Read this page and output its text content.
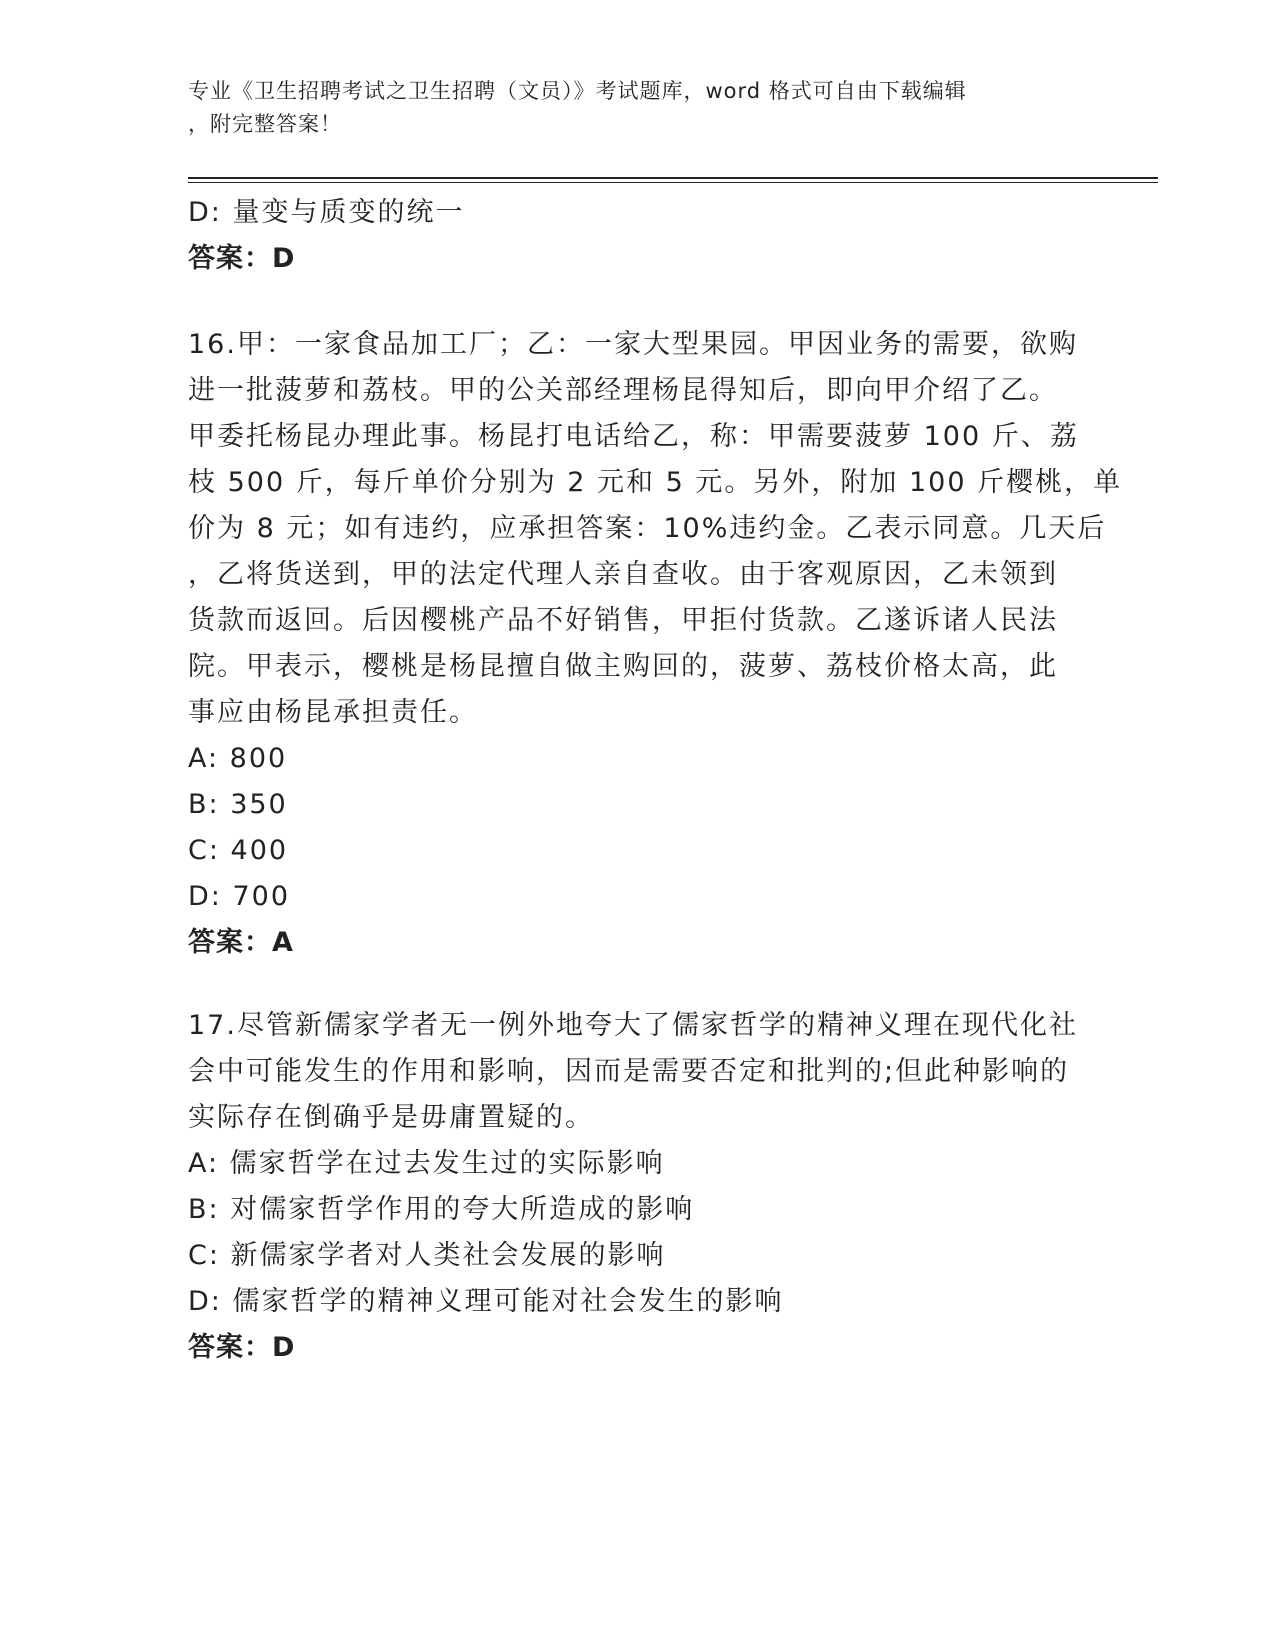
专业《卫生招聘考试之卫生招聘（文员）》考试题库，word 格式可自由下载编辑
，附完整答案！
D: 量变与质变的统一
答案：D
16.甲：一家食品加工厂；乙：一家大型果园。甲因业务的需要，欲购
进一批菠萝和荔枝。甲的公关部经理杨昆得知后，即向甲介绍了乙。
甲委托杨昆办理此事。杨昆打电话给乙，称：甲需要菠萝 100 斤、荔
枝 500 斤，每斤单价分别为 2 元和 5 元。另外，附加 100 斤樱桃，单
价为 8 元；如有违约，应承担答案：10%违约金。乙表示同意。几天后
，乙将货送到，甲的法定代理人亲自查收。由于客观原因，乙未领到
货款而返回。后因樱桃产品不好销售，甲拒付货款。乙遂诉诸人民法
院。甲表示，樱桃是杨昆擅自做主购回的，菠萝、荔枝价格太高，此
事应由杨昆承担责任。
A: 800
B: 350
C: 400
D: 700
答案：A
17.尽管新儒家学者无一例外地夸大了儒家哲学的精神义理在现代化社
会中可能发生的作用和影响，因而是需要否定和批判的;但此种影响的
实际存在倒确乎是毋庸置疑的。
A: 儒家哲学在过去发生过的实际影响
B: 对儒家哲学作用的夸大所造成的影响
C: 新儒家学者对人类社会发展的影响
D: 儒家哲学的精神义理可能对社会发生的影响
答案：D
